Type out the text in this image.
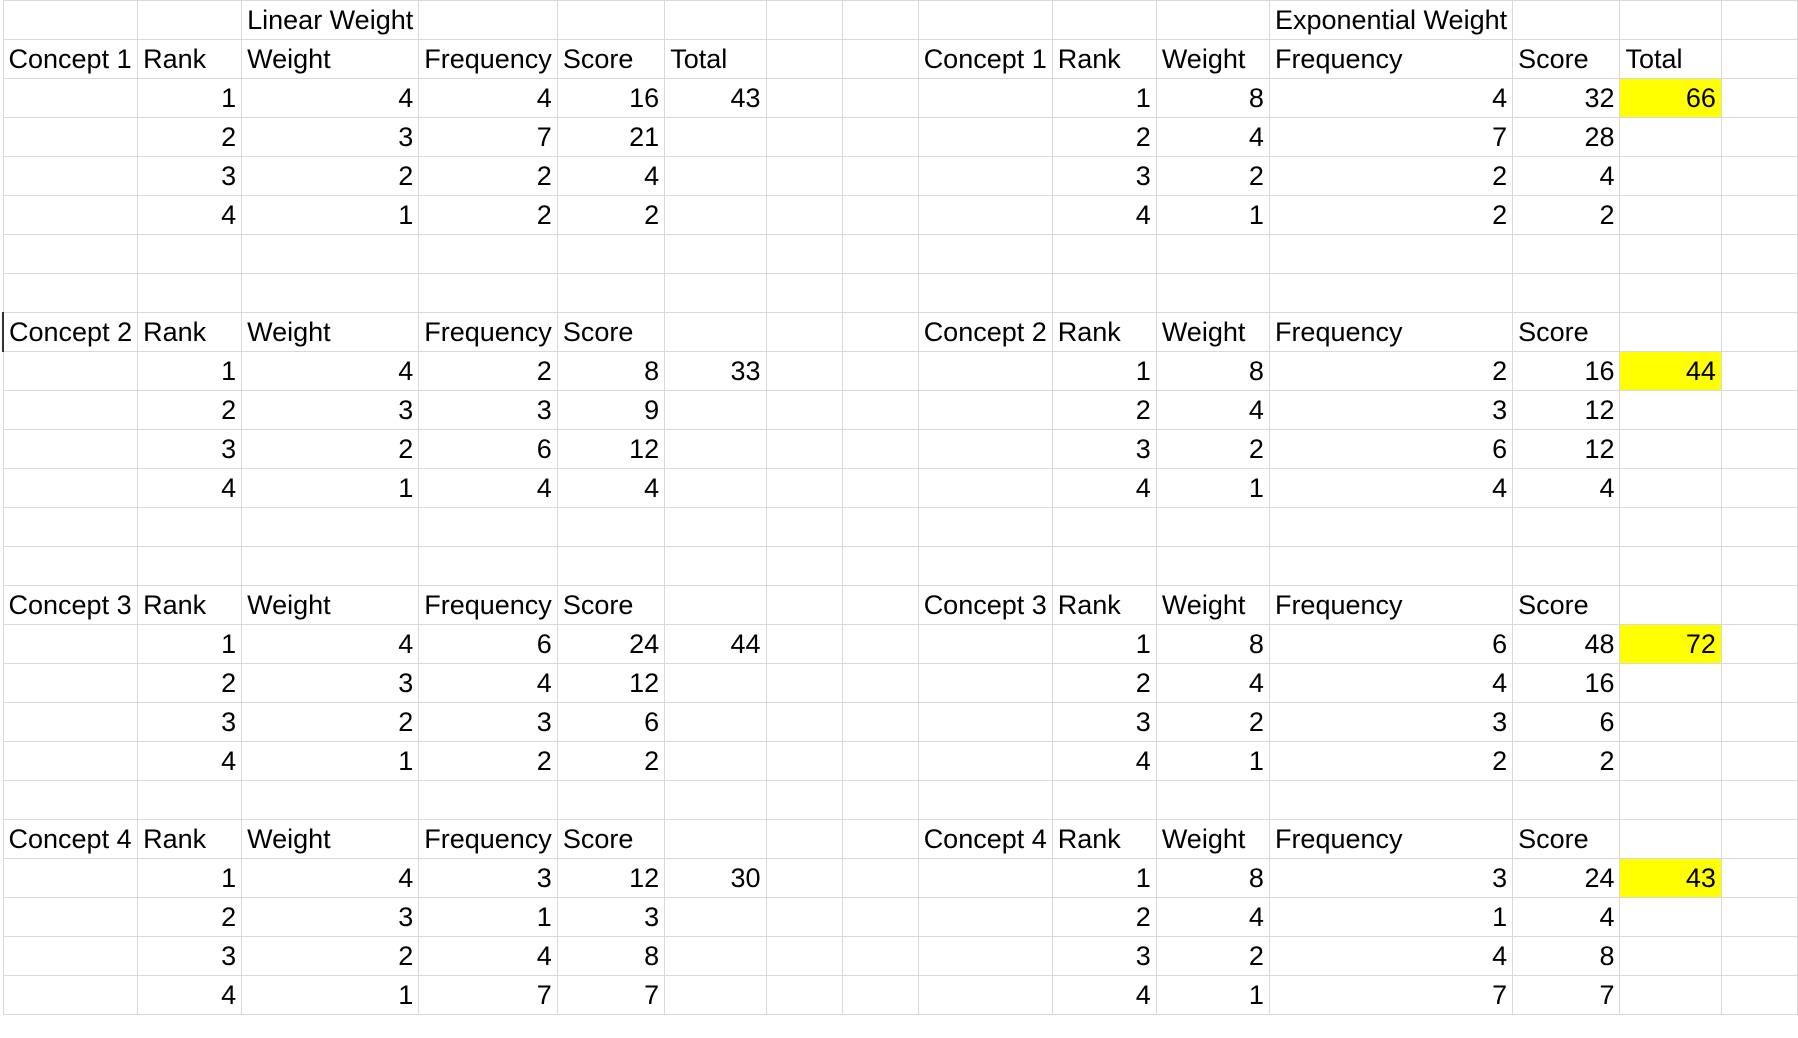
		Linear Weight									Exponential Weight			
Concept 1	Rank	Weight	Frequency	Score	Total			Concept 1	Rank	Weight	Frequency	Score	Total	
	1	4	4	16	43				1	8	4	32	66	
	2	3	7	21					2	4	7	28		
	3	2	2	4					3	2	2	4		
	4	1	2	2					4	1	2	2		

Concept 2	Rank	Weight	Frequency	Score				Concept 2	Rank	Weight	Frequency	Score		
	1	4	2	8	33				1	8	2	16	44	
	2	3	3	9					2	4	3	12		
	3	2	6	12					3	2	6	12		
	4	1	4	4					4	1	4	4		

Concept 3	Rank	Weight	Frequency	Score				Concept 3	Rank	Weight	Frequency	Score		
	1	4	6	24	44				1	8	6	48	72	
	2	3	4	12					2	4	4	16		
	3	2	3	6					3	2	3	6		
	4	1	2	2					4	1	2	2		

Concept 4	Rank	Weight	Frequency	Score				Concept 4	Rank	Weight	Frequency	Score		
	1	4	3	12	30				1	8	3	24	43	
	2	3	1	3					2	4	1	4		
	3	2	4	8					3	2	4	8		
	4	1	7	7					4	1	7	7		
